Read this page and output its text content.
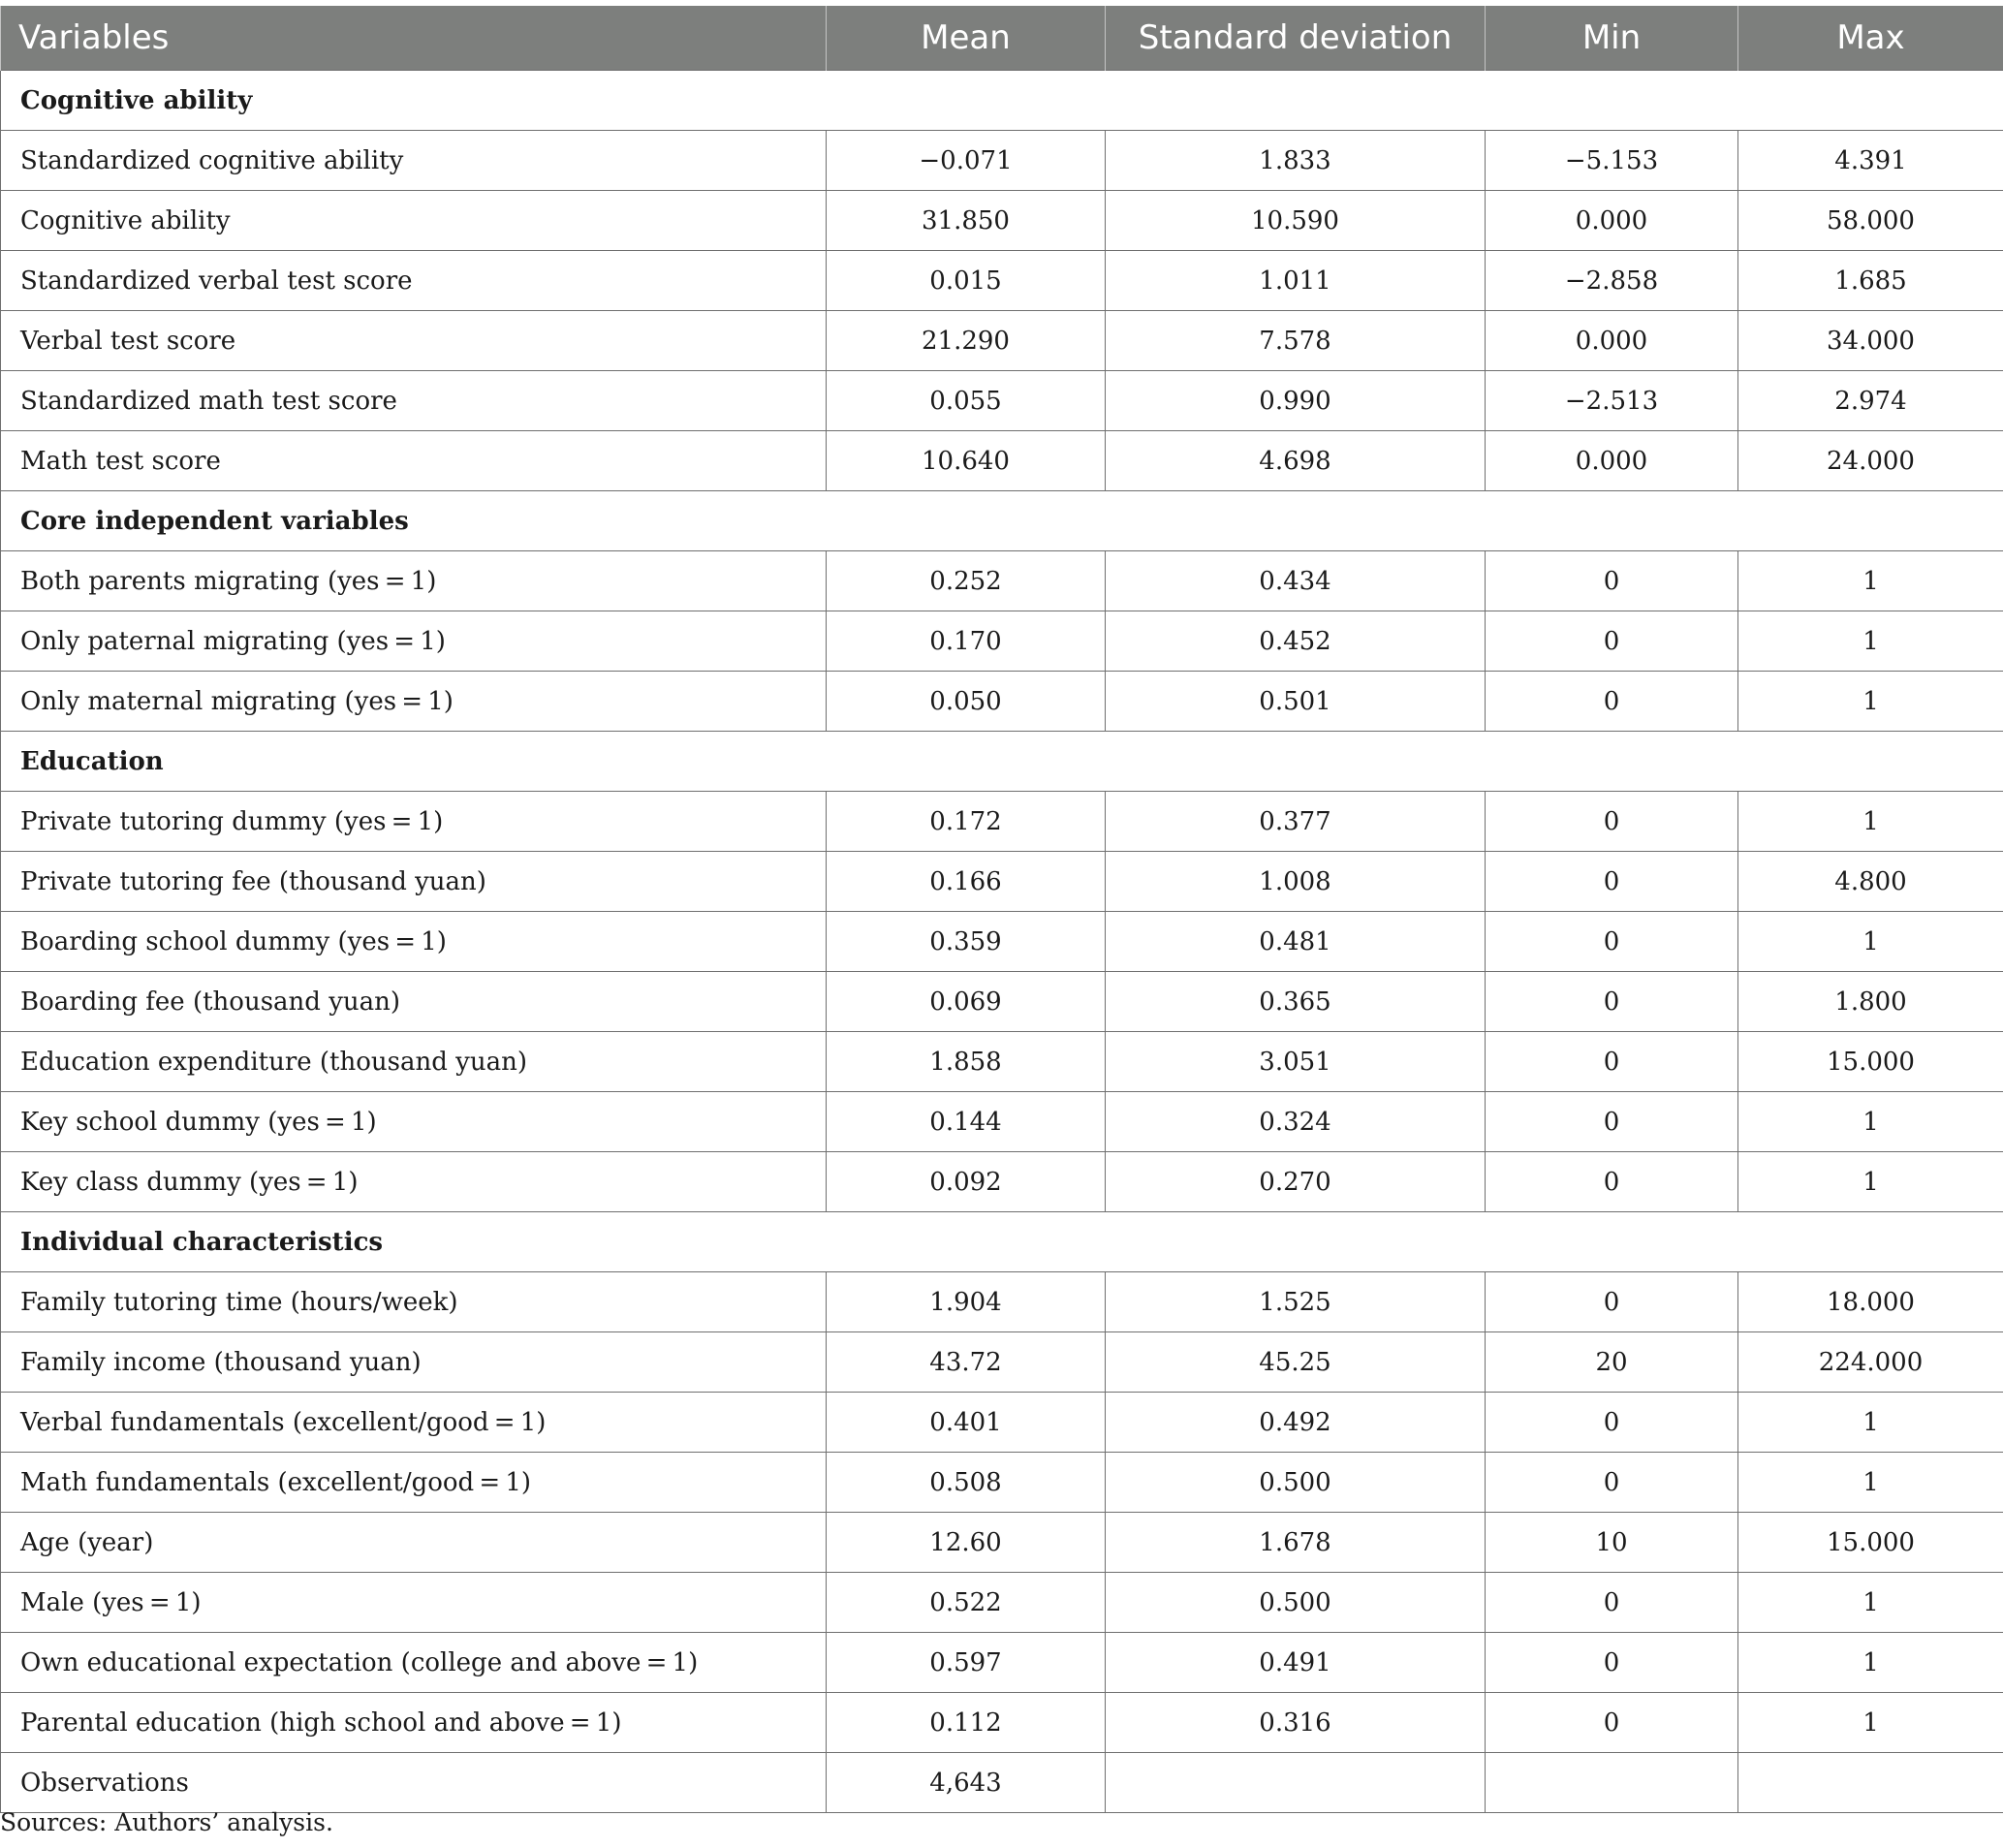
Variables	Mean	Standard deviation	Min	Max
Cognitive ability				
Standardized cognitive ability	−0.071	1.833	−5.153	4.391
Cognitive ability	31.850	10.590	0.000	58.000
Standardized verbal test score	0.015	1.011	−2.858	1.685
Verbal test score	21.290	7.578	0.000	34.000
Standardized math test score	0.055	0.990	−2.513	2.974
Math test score	10.640	4.698	0.000	24.000
Core independent variables				
Both parents migrating (yes = 1)	0.252	0.434	0	1
Only paternal migrating (yes = 1)	0.170	0.452	0	1
Only maternal migrating (yes = 1)	0.050	0.501	0	1
Education				
Private tutoring dummy (yes = 1)	0.172	0.377	0	1
Private tutoring fee (thousand yuan)	0.166	1.008	0	4.800
Boarding school dummy (yes = 1)	0.359	0.481	0	1
Boarding fee (thousand yuan)	0.069	0.365	0	1.800
Education expenditure (thousand yuan)	1.858	3.051	0	15.000
Key school dummy (yes = 1)	0.144	0.324	0	1
Key class dummy (yes = 1)	0.092	0.270	0	1
Individual characteristics				
Family tutoring time (hours/week)	1.904	1.525	0	18.000
Family income (thousand yuan)	43.72	45.25	20	224.000
Verbal fundamentals (excellent/good = 1)	0.401	0.492	0	1
Math fundamentals (excellent/good = 1)	0.508	0.500	0	1
Age (year)	12.60	1.678	10	15.000
Male (yes = 1)	0.522	0.500	0	1
Own educational expectation (college and above = 1)	0.597	0.491	0	1
Parental education (high school and above = 1)	0.112	0.316	0	1
Observations	4,643			
Sources: Authors’ analysis.
